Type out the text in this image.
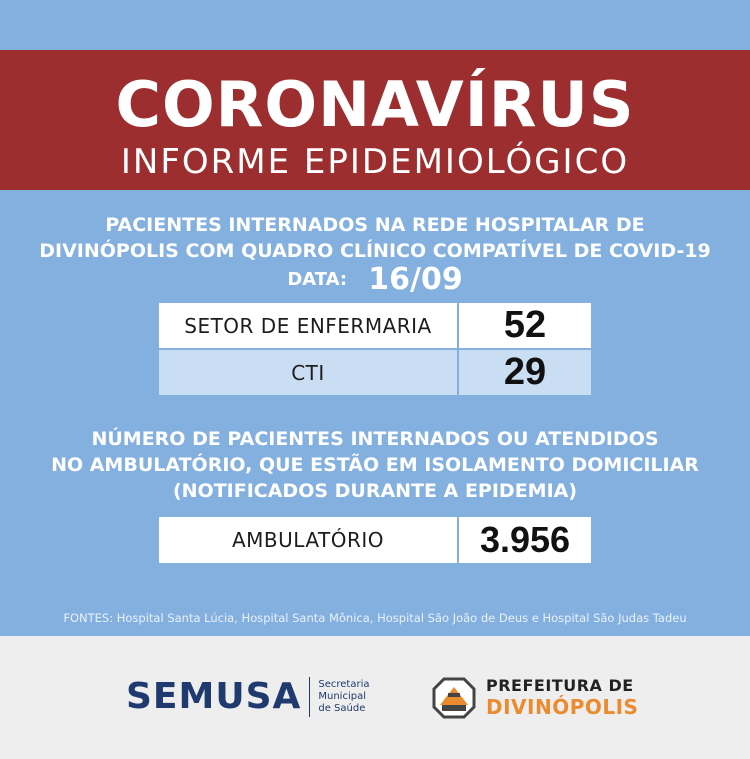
CORONAVÍRUS
INFORME EPIDEMIOLÓGICO
PACIENTES INTERNADOS NA REDE HOSPITALAR DE
DIVINÓPOLIS COM QUADRO CLÍNICO COMPATÍVEL DE COVID-19
DATA: 16/09
SETOR DE ENFERMARIA	52
CTI	29
NÚMERO DE PACIENTES INTERNADOS OU ATENDIDOS
NO AMBULATÓRIO, QUE ESTÃO EM ISOLAMENTO DOMICILIAR
(NOTIFICADOS DURANTE A EPIDEMIA)
AMBULATÓRIO	3.956
FONTES: Hospital Santa Lúcia, Hospital Santa Mônica, Hospital São João de Deus e Hospital São Judas Tadeu
SEMUSA Secretaria
Municipal
de Saúde
PREFEITURA DE
DIVINÓPOLIS
